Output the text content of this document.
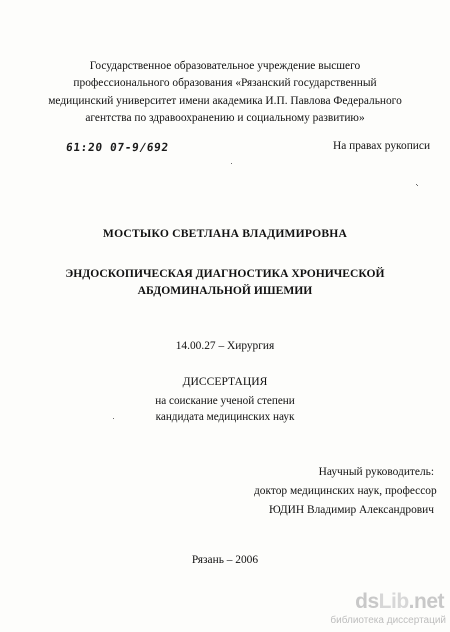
Государственное образовательное учреждение высшего
профессионального образования «Рязанский государственный
медицинский университет имени академика И.П. Павлова Федерального
агентства по здравоохранению и социальному развитию»
61:20 07-9/692	На правах рукописи
МОСТЫКО СВЕТЛАНА ВЛАДИМИРОВНА
ЭНДОСКОПИЧЕСКАЯ ДИАГНОСТИКА ХРОНИЧЕСКОЙ
АБДОМИНАЛЬНОЙ ИШЕМИИ
14.00.27 – Хирургия
ДИССЕРТАЦИЯ
на соискание ученой степени
кандидата медицинских наук
Научный руководитель:
доктор медицинских наук, профессор
ЮДИН Владимир Александрович
Рязань – 2006
dsLib.net
библиотека диссертаций
